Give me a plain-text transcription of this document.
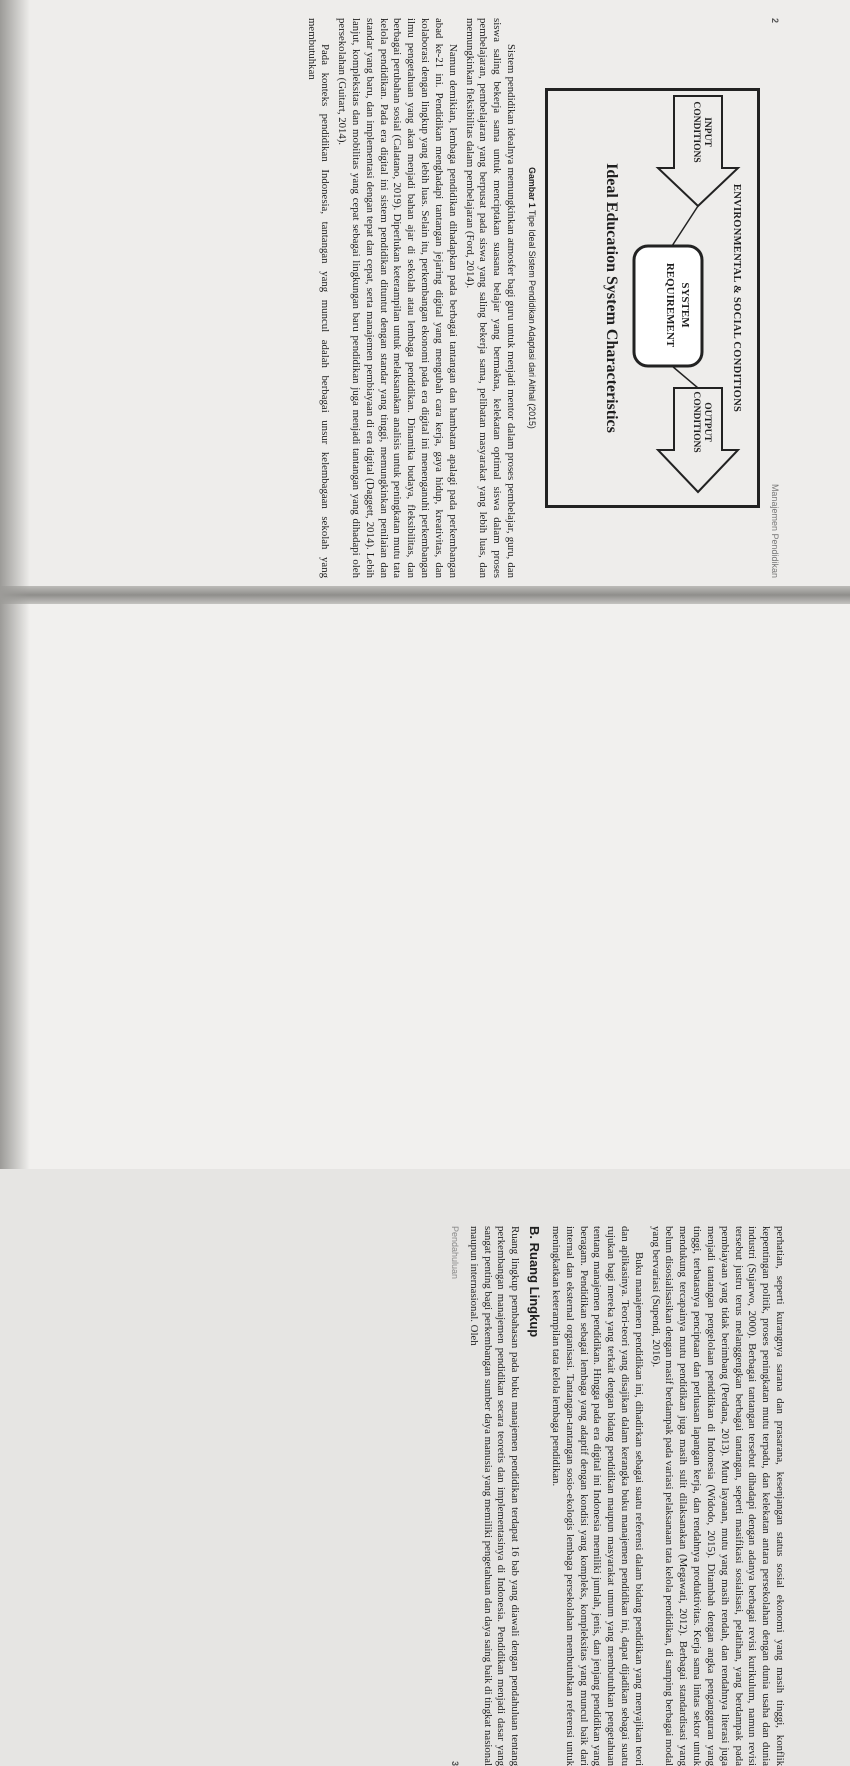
2
Manajemen Pendidikan
ENVIRONMENTAL & SOCIAL CONDITIONS
INPUT
CONDITIONS
SYSTEM
REQUIREMENT
OUTPUT
CONDITIONS
Ideal Education System Characteristics
Gambar 1 Tipe Ideal Sistem Pendidikan Adaptasi dari Aithal (2015)

Sistem pendidikan idealnya memungkinkan atmosfer bagi guru untuk menjadi mentor dalam proses pembelajar, guru, dan siswa saling bekerja sama untuk menciptakan suasana belajar yang bermakna, kelekatan optimal siswa dalam proses pembelajaran, pembelajaran yang berpusat pada siswa yang saling bekerja sama, pelibatan masyarakat yang lebih luas, dan memungkinkan fleksibilitas dalam pembelajaran (Ford, 2014).

Namun demikian, lembaga pendidikan dihadapkan pada berbagai tantangan dan hambatan apalagi pada perkembangan abad ke-21 ini. Pendidikan menghadapi tantangan jejaring digital yang mengubah cara kerja, gaya hidup, kreativitas, dan kolaborasi dengan lingkup yang lebih luas. Selain itu, perkembangan ekonomi pada era digital ini menenganuhi perkembangan ilmu pengetahuan yang akan menjadi bahan ajar di sekolah atau lembaga pendidikan. Dinamika budaya, fleksibilitas, dan berbagai perubahan sosial (Calatano, 2019). Diperlukan keterampilan untuk melaksanakan analisis untuk peningkatan mutu tata kelola pendidikan. Pada era digital ini sistem pendidikan dituntut dengan standar yang tinggi, memungkinkan penilaian dan standar yang baru, dan implementasi dengan tepat dan cepat, serta manajemen pembiayaan di era digital (Daggett, 2014). Lebih lanjut, kompleksitas dan mobilitas yang cepat sebagai lingkungan baru pendidikan juga menjadi tantangan yang dihadapi oleh persekolahan (Guitart, 2014).

Pada konteks pendidikan Indonesia, tantangan yang muncul adalah berbagai unsur kelembagaan sekolah yang membutuhkan

perhatian, seperti kurangnya sarana dan prasarana, kesenjangan status sosial ekonomi yang masih tinggi, konflik kepentingan politik, proses peningkatan mutu terpadu, dan kelekatan antara persekolahan dengan dunia usaha dan dunia industri (Sujarwo, 2000). Berbagai tantangan tersebut dihadapi dengan adanya berbagai revisi kurikulum, namun revisi tersebut justru terus melanggengkan berbagai tantangan, seperti masifikasi sosialisasi, pelatihan, yang berdampak pada pembiayaan yang tidak berimbang (Perdana, 2013). Mutu layanan, mutu yang masih rendah, dan rendahnya literasi juga menjadi tantangan pengelolaan pendidikan di Indonesia (Widodo, 2015). Ditambah dengan angka pengangguran yang tinggi, terbatasnya penciptaan dan perluasan lapangan kerja, dan rendahnya produktivitas. Kerja sama lintas sektor untuk mendukung tercapainya mutu pendidikan juga masih sulit dilaksanakan (Megawati, 2012). Berbagai standardisasi yang belum disosialisasikan dengan masif berdampak pada variasi pelaksanaan tata kelola pendidikan, di samping berbagai modal yang bervariasi (Supendi, 2016).

Buku manajemen pendidikan ini, dihadirkan sebagai suatu referensi dalam bidang pendidikan yang menyajikan teori dan aplikasinya. Teori-teori yang disajikan dalam kerangka buku manajemen pendidikan ini, dapat dijadikan sebagai suatu rujukan bagi mereka yang terkait dengan bidang pendidikan maupun masyarakat umum yang membutuhkan pengetahuan tentang manajemen pendidikan. Hingga pada era digital ini Indonesia memiliki jumlah, jenis, dan jenjang pendidikan yang beragam. Pendidikan sebagai lembaga yang adaptif dengan kondisi yang kompleks, kompleksitas yang muncul baik dari internal dan eksternal organisasi. Tantangan-tantangan sosio-ekologis lembaga persekolahan membutuhkan referensi untuk meningkatkan keterampilan tata kelola lembaga pendidikan.

B. Ruang Lingkup

Ruang lingkup pembahasan pada buku manajemen pendidikan terdapat 16 bab yang diawali dengan pendahuluan tentang perkembangan manajemen pendidikan secara teoretis dan implementasinya di Indonesia. Pendidikan menjadi dasar yang sangat penting bagi perkembangan sumber daya manusia yang memiliki pengetahuan dan daya saing baik di tingkat nasional maupun internasional. Oleh

Pendahuluan
3
